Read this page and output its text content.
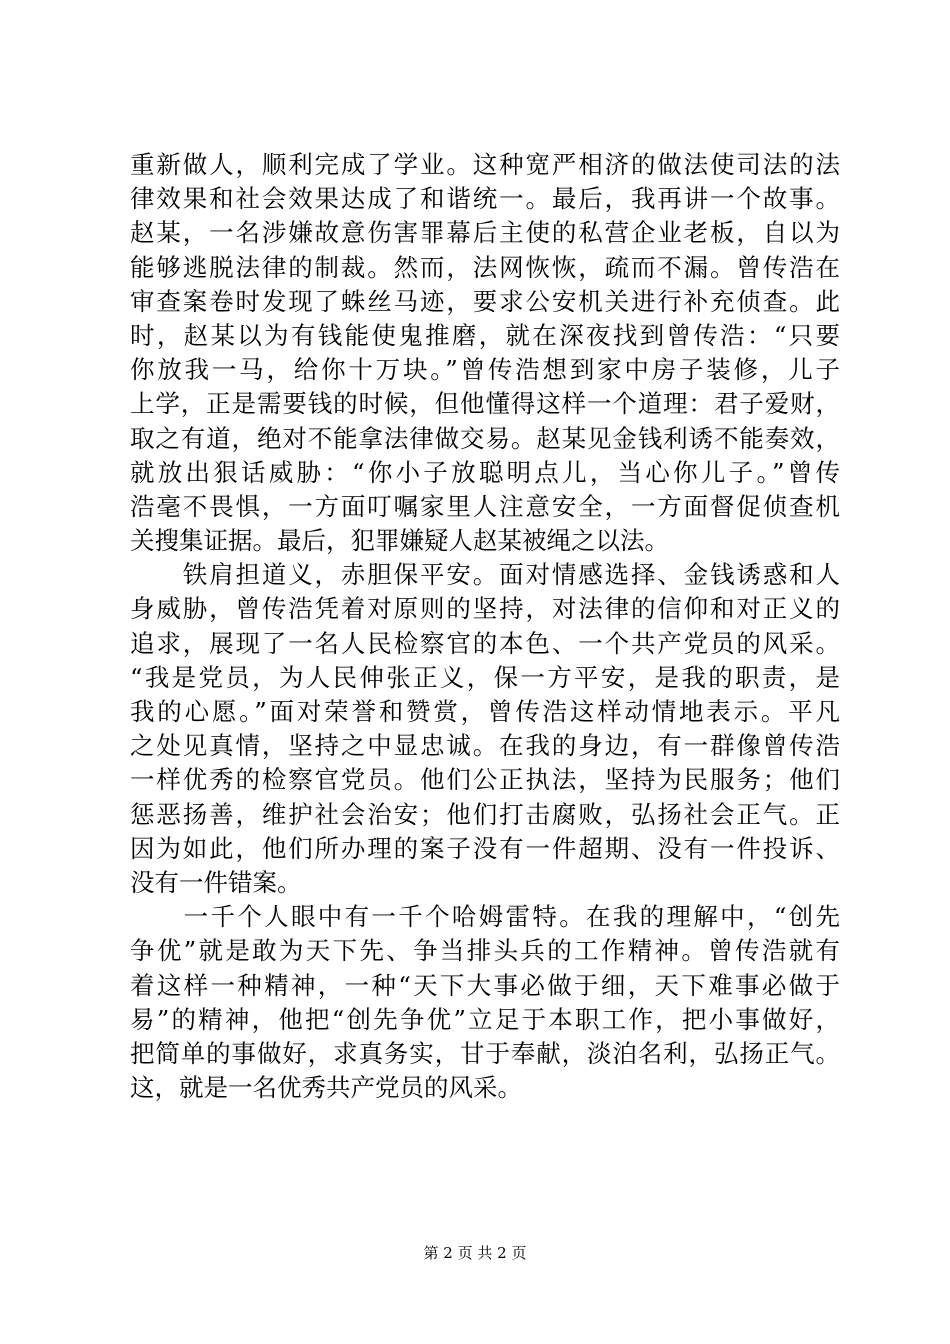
重新做人，顺利完成了学业。这种宽严相济的做法使司法的法
律效果和社会效果达成了和谐统一。最后，我再讲一个故事。
赵某，一名涉嫌故意伤害罪幕后主使的私营企业老板，自以为
能够逃脱法律的制裁。然而，法网恢恢，疏而不漏。曾传浩在
审查案卷时发现了蛛丝马迹，要求公安机关进行补充侦查。此
时，赵某以为有钱能使鬼推磨，就在深夜找到曾传浩：“只要
你放我一马，给你十万块。”曾传浩想到家中房子装修，儿子
上学，正是需要钱的时候，但他懂得这样一个道理：君子爱财，
取之有道，绝对不能拿法律做交易。赵某见金钱利诱不能奏效，
就放出狠话威胁：“你小子放聪明点儿，当心你儿子。”曾传
浩毫不畏惧，一方面叮嘱家里人注意安全，一方面督促侦查机
关搜集证据。最后，犯罪嫌疑人赵某被绳之以法。
　　铁肩担道义，赤胆保平安。面对情感选择、金钱诱惑和人
身威胁，曾传浩凭着对原则的坚持，对法律的信仰和对正义的
追求，展现了一名人民检察官的本色、一个共产党员的风采。
“我是党员，为人民伸张正义，保一方平安，是我的职责，是
我的心愿。”面对荣誉和赞赏，曾传浩这样动情地表示。平凡
之处见真情，坚持之中显忠诚。在我的身边，有一群像曾传浩
一样优秀的检察官党员。他们公正执法，坚持为民服务；他们
惩恶扬善，维护社会治安；他们打击腐败，弘扬社会正气。正
因为如此，他们所办理的案子没有一件超期、没有一件投诉、
没有一件错案。
　　一千个人眼中有一千个哈姆雷特。在我的理解中，“创先
争优”就是敢为天下先、争当排头兵的工作精神。曾传浩就有
着这样一种精神，一种“天下大事必做于细，天下难事必做于
易”的精神，他把“创先争优”立足于本职工作，把小事做好，
把简单的事做好，求真务实，甘于奉献，淡泊名利，弘扬正气。
这，就是一名优秀共产党员的风采。
第 2 页 共 2 页
